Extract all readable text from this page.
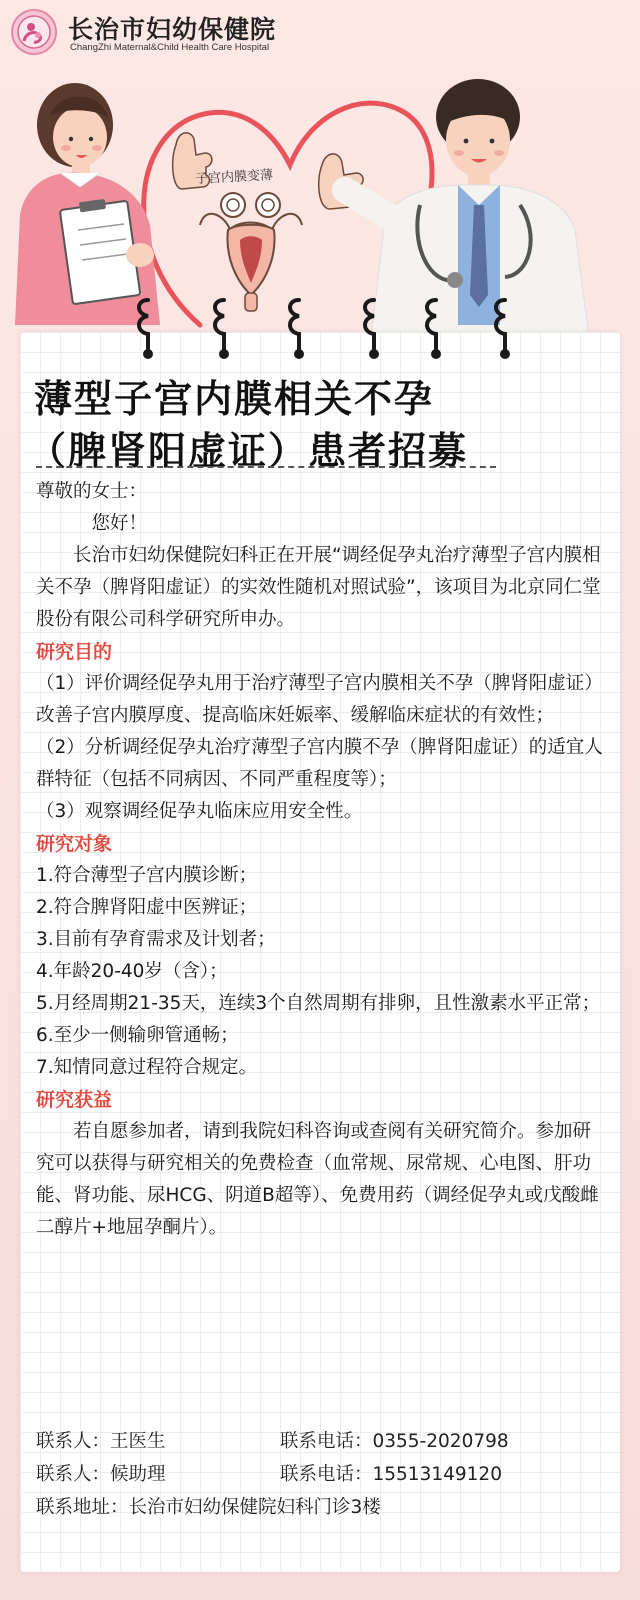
长治市妇幼保健院
ChangZhi Maternal&Child Health Care Hospital
子宫内膜变薄
薄型子宫内膜相关不孕
（脾肾阳虚证）患者招募

尊敬的女士：

您好！

长治市妇幼保健院妇科正在开展“调经促孕丸治疗薄型子宫内膜相关不孕（脾肾阳虚证）的实效性随机对照试验”，该项目为北京同仁堂股份有限公司科学研究所申办。

研究目的

（1）评价调经促孕丸用于治疗薄型子宫内膜相关不孕（脾肾阳虚证）改善子宫内膜厚度、提高临床妊娠率、缓解临床症状的有效性；

（2）分析调经促孕丸治疗薄型子宫内膜不孕（脾肾阳虚证）的适宜人群特征（包括不同病因、不同严重程度等）；

（3）观察调经促孕丸临床应用安全性。

研究对象

1.符合薄型子宫内膜诊断；

2.符合脾肾阳虚中医辨证；

3.目前有孕育需求及计划者；

4.年龄20-40岁（含）；

5.月经周期21-35天，连续3个自然周期有排卵，且性激素水平正常；

6.至少一侧输卵管通畅；

7.知情同意过程符合规定。

研究获益

若自愿参加者，请到我院妇科咨询或查阅有关研究简介。参加研究可以获得与研究相关的免费检查（血常规、尿常规、心电图、肝功能、肾功能、尿HCG、阴道B超等）、免费用药（调经促孕丸或戊酸雌二醇片+地屈孕酮片）。

联系人：王医生	联系电话：0355-2020798
联系人：候助理	联系电话：15513149120
联系地址：长治市妇幼保健院妇科门诊3楼
